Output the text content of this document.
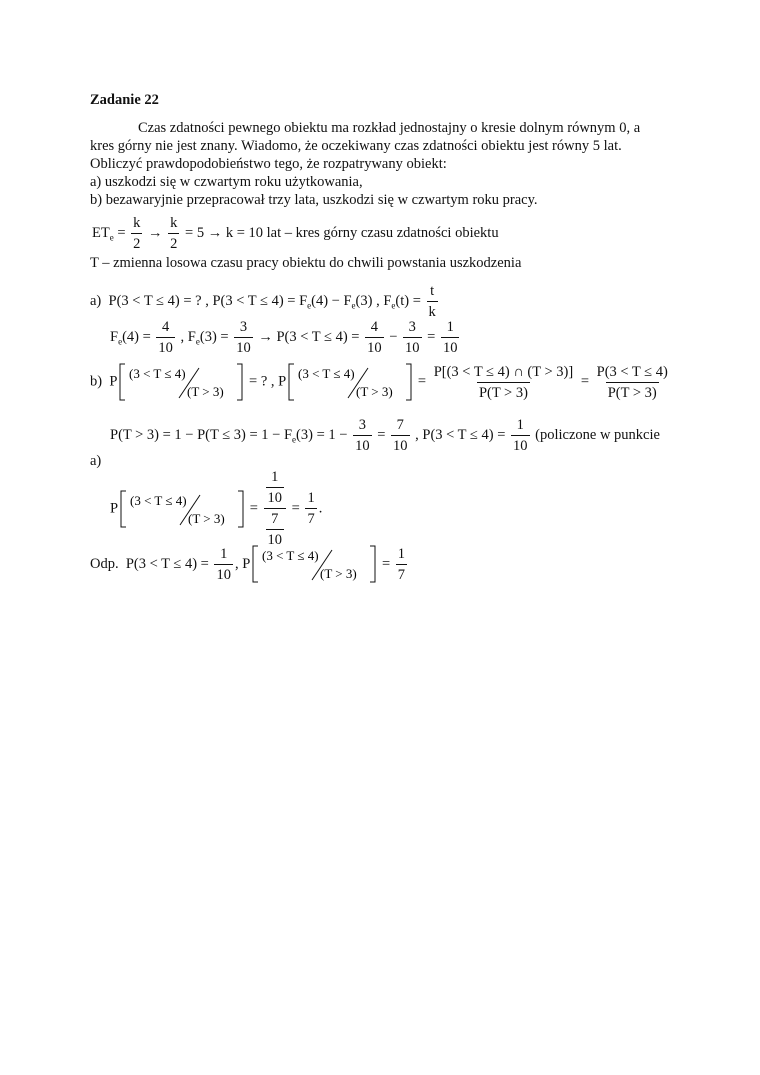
Zadanie 22
Czas zdatności pewnego obiektu ma rozkład jednostajny o kresie dolnym równym 0, a
kres górny nie jest znany. Wiadomo, że oczekiwany czas zdatności obiektu jest równy 5 lat.
Obliczyć prawdopodobieństwo tego, że rozpatrywany obiekt:
a) uszkodzi się w czwartym roku użytkowania,
b) bezawaryjnie przepracował trzy lata, uszkodzi się w czwartym roku pracy.
$ET_e = \frac{k}{2} \to \frac{k}{2} = 5 \to k = 10$ lat – kres górny czasu zdatności obiektu
T – zmienna losowa czasu pracy obiektu do chwili powstania uszkodzenia
a) P(3 < T ≤ 4) = ? , $P(3 < T \le 4) = F_e(4) - F_e(3)$ , $F_e(t) = \frac{t}{k}$
$F_e(4) = \frac{4}{10}$ , $F_e(3) = \frac{3}{10} \to P(3 < T \le 4) = \frac{4}{10} - \frac{3}{10} = \frac{1}{10}$
b) P (3 < T ≤ 4)
(T > 3)
= ? , P (3 < T ≤ 4)
(T > 3)
= $\frac{P[(3 < T \le 4) \cap (T > 3)]}{P(T > 3)} = \frac{P(3 < T \le 4)}{P(T > 3)}$
$P(T > 3) = 1 - P(T \le 3) = 1 - F_e(3) = 1 - \frac{3}{10} = \frac{7}{10}$ , $P(3 < T \le 4) = \frac{1}{10}$ (policzone w punkcie
a)
P
(3 < T ≤ 4)
(T > 3)
= $\frac{\frac{1}{10}}{\frac{7}{10}} = \frac{1}{7}$ .
Odp. $P(3 < T \le 4) = \frac{1}{10}$ , P
(3 < T ≤ 4)
(T > 3)
= $\frac{1}{7}$
